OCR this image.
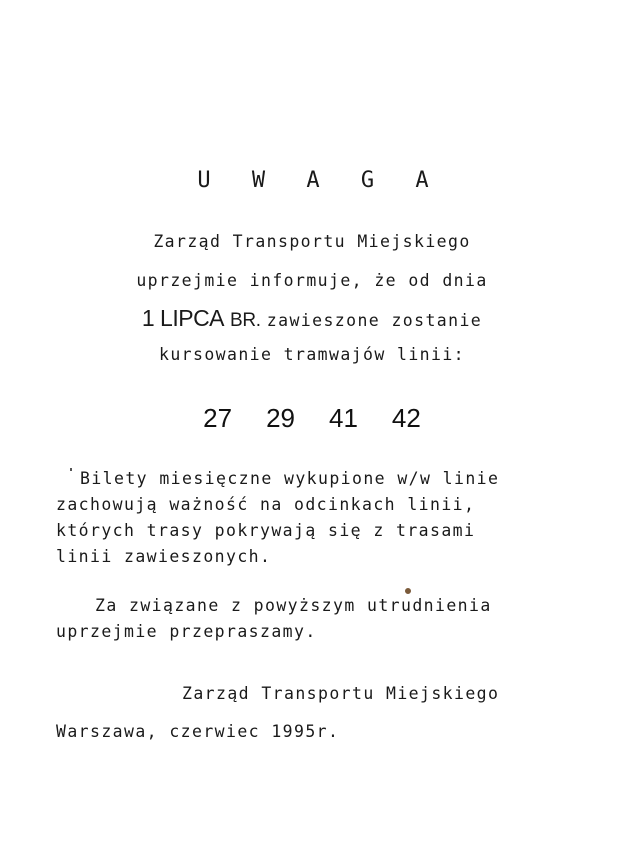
U W A G A
Zarząd Transportu Miejskiego
uprzejmie informuje, że od dnia
1 LIPCA BR. zawieszone zostanie
kursowanie tramwajów linii:
27 29 41 42
Bilety miesięczne wykupione w/w linie
zachowują ważność na odcinkach linii,
których trasy pokrywają się z trasami
linii zawieszonych.
Za związane z powyższym utrudnienia
uprzejmie przepraszamy.
Zarząd Transportu Miejskiego
Warszawa, czerwiec 1995r.
